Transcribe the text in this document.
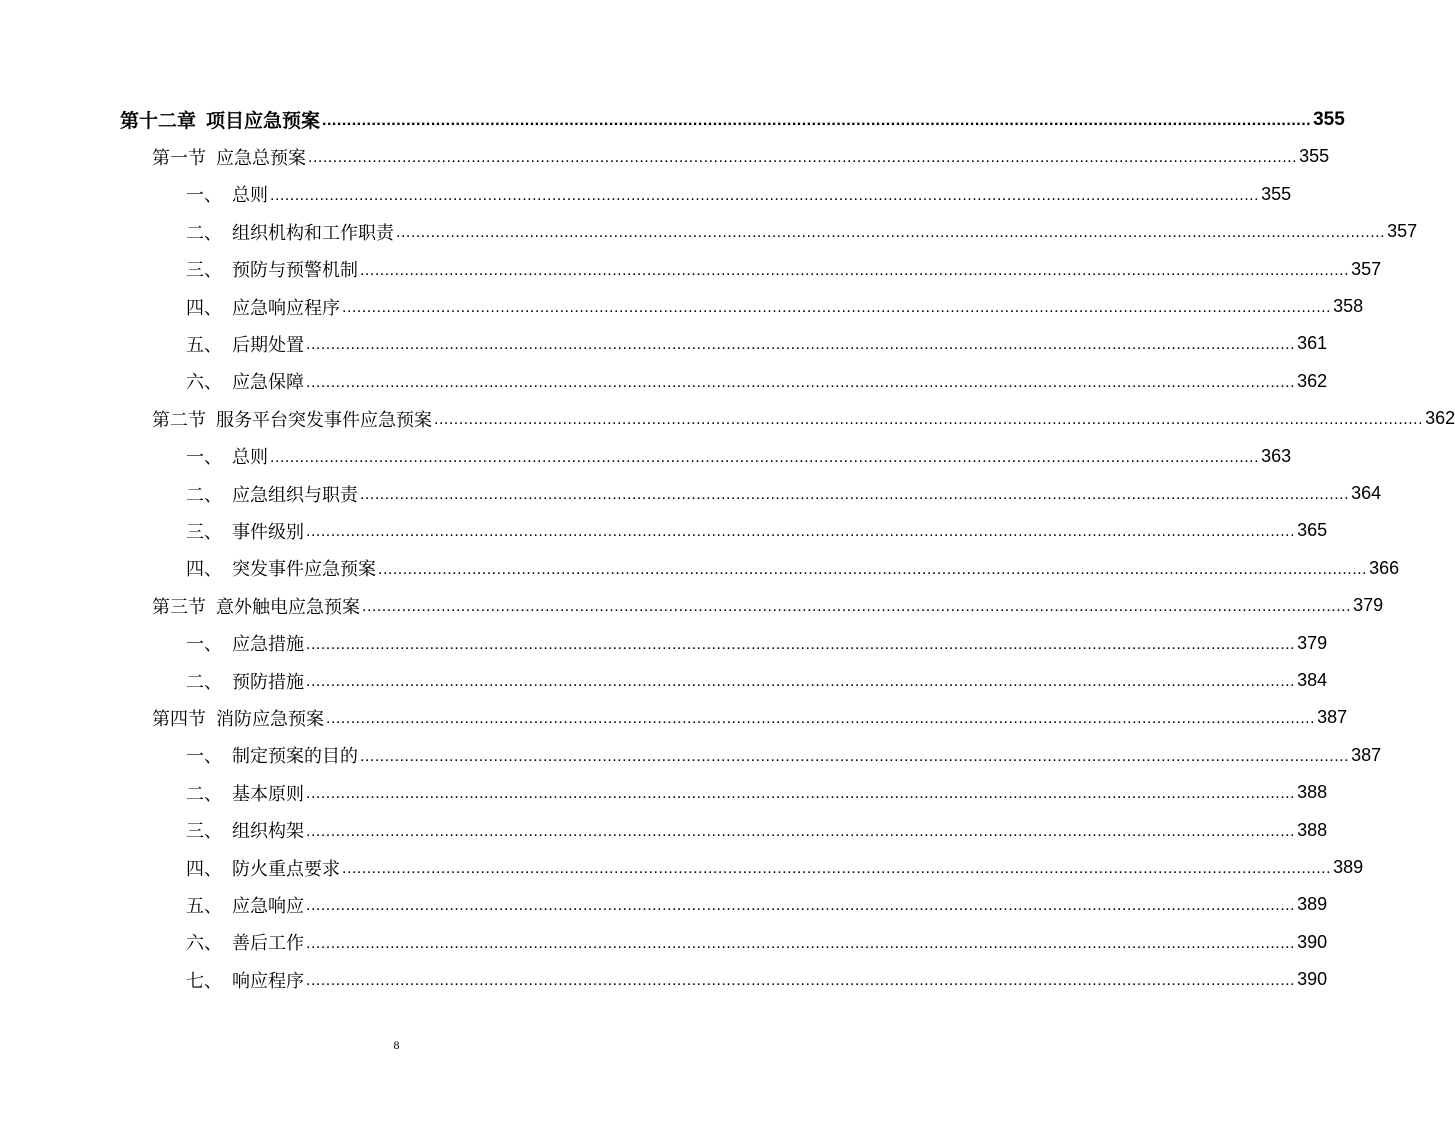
第十二章 项目应急预案 ........................................................................................................................................................................................................ 355
第一节 应急总预案 ........................................................................................................................................................................................................ 355
一、 总则 ........................................................................................................................................................................................................ 355
二、 组织机构和工作职责 ........................................................................................................................................................................................................ 357
三、 预防与预警机制 ........................................................................................................................................................................................................ 357
四、 应急响应程序 ........................................................................................................................................................................................................ 358
五、 后期处置 ........................................................................................................................................................................................................ 361
六、 应急保障 ........................................................................................................................................................................................................ 362
第二节 服务平台突发事件应急预案 ........................................................................................................................................................................................................ 362
一、 总则 ........................................................................................................................................................................................................ 363
二、 应急组织与职责 ........................................................................................................................................................................................................ 364
三、 事件级别 ........................................................................................................................................................................................................ 365
四、 突发事件应急预案 ........................................................................................................................................................................................................ 366
第三节 意外触电应急预案 ........................................................................................................................................................................................................ 379
一、 应急措施 ........................................................................................................................................................................................................ 379
二、 预防措施 ........................................................................................................................................................................................................ 384
第四节 消防应急预案 ........................................................................................................................................................................................................ 387
一、 制定预案的目的 ........................................................................................................................................................................................................ 387
二、 基本原则 ........................................................................................................................................................................................................ 388
三、 组织构架 ........................................................................................................................................................................................................ 388
四、 防火重点要求 ........................................................................................................................................................................................................ 389
五、 应急响应 ........................................................................................................................................................................................................ 389
六、 善后工作 ........................................................................................................................................................................................................ 390
七、 响应程序 ........................................................................................................................................................................................................ 390
8
